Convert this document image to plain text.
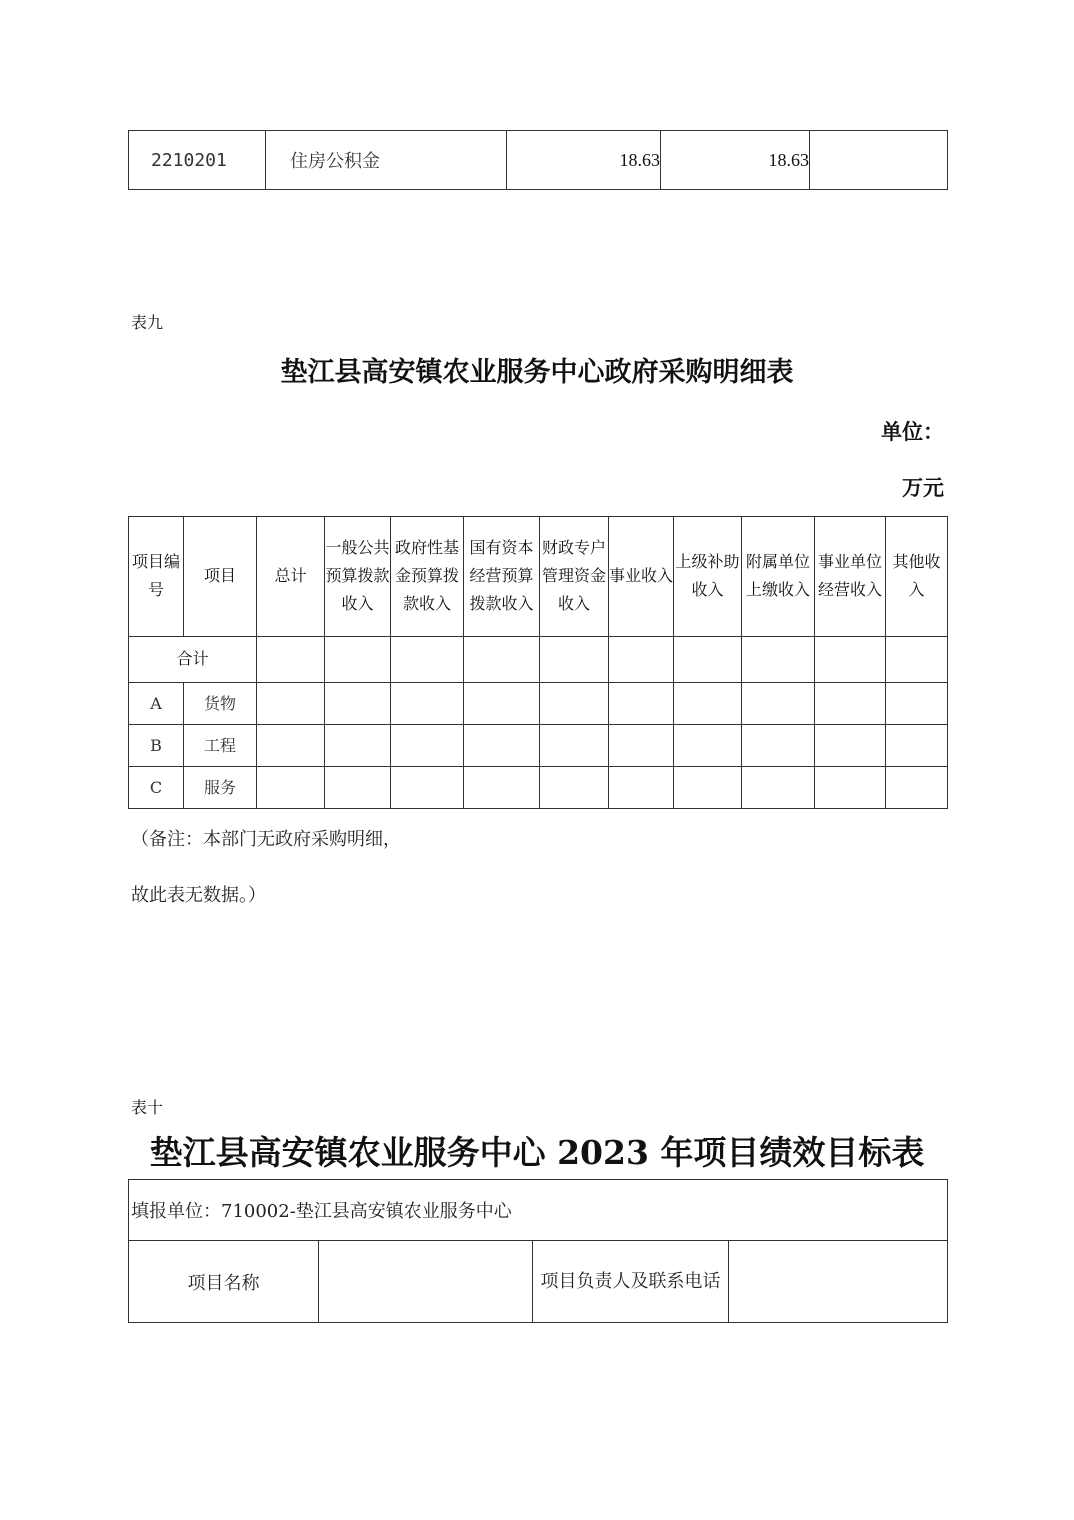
2210201	住房公积金	18.63	18.63	
表九
垫江县高安镇农业服务中心政府采购明细表
单位：
万元
项目编号	项目	总计	一般公共预算拨款收入	政府性基金预算拨款收入	国有资本经营预算拨款收入	财政专户管理资金收入	事业收入	上级补助收入	附属单位上缴收入	事业单位经营收入	其他收入
合计											
A	货物										
B	工程										
C	服务										
（备注：本部门无政府采购明细，
故此表无数据。）
表十
垫江县高安镇农业服务中心 2023 年项目绩效目标表
填报单位：710002-垫江县高安镇农业服务中心
项目名称		项目负责人及联系电话	
